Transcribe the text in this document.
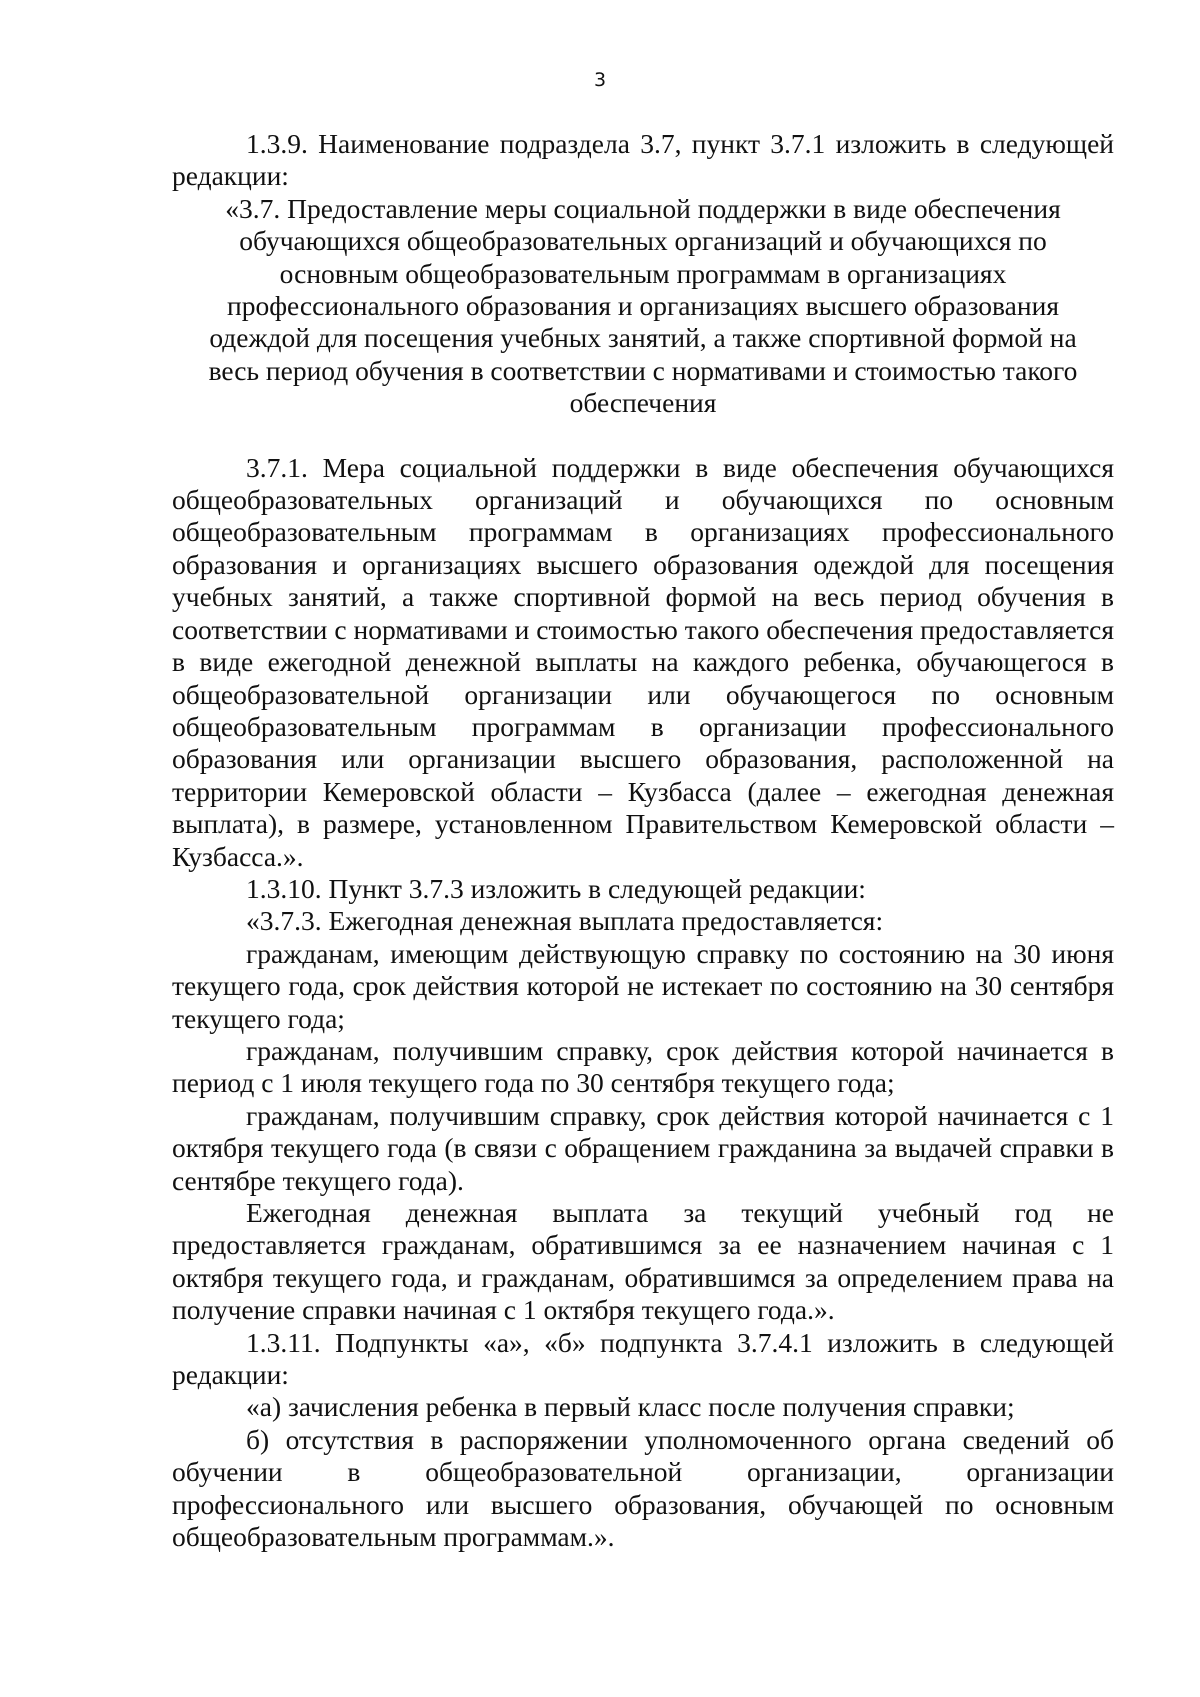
3

1.3.9. Наименование подраздела 3.7, пункт 3.7.1 изложить в следующей редакции:

«3.7. Предоставление меры социальной поддержки в виде обеспечения обучающихся общеобразовательных организаций и обучающихся по основным общеобразовательным программам в организациях профессионального образования и организациях высшего образования одеждой для посещения учебных занятий, а также спортивной формой на весь период обучения в соответствии с нормативами и стоимостью такого обеспечения

3.7.1. Мера социальной поддержки в виде обеспечения обучающихся общеобразовательных организаций и обучающихся по основным общеобразовательным программам в организациях профессионального образования и организациях высшего образования одеждой для посещения учебных занятий, а также спортивной формой на весь период обучения в соответствии с нормативами и стоимостью такого обеспечения предоставляется в виде ежегодной денежной выплаты на каждого ребенка, обучающегося в общеобразовательной организации или обучающегося по основным общеобразовательным программам в организации профессионального образования или организации высшего образования, расположенной на территории Кемеровской области – Кузбасса (далее – ежегодная денежная выплата), в размере, установленном Правительством Кемеровской области – Кузбасса.».

1.3.10. Пункт 3.7.3 изложить в следующей редакции:

«3.7.3. Ежегодная денежная выплата предоставляется:

гражданам, имеющим действующую справку по состоянию на 30 июня текущего года, срок действия которой не истекает по состоянию на 30 сентября текущего года;

гражданам, получившим справку, срок действия которой начинается в период с 1 июля текущего года по 30 сентября текущего года;

гражданам, получившим справку, срок действия которой начинается с 1 октября текущего года (в связи с обращением гражданина за выдачей справки в сентябре текущего года).

Ежегодная денежная выплата за текущий учебный год не предоставляется гражданам, обратившимся за ее назначением начиная с 1 октября текущего года, и гражданам, обратившимся за определением права на получение справки начиная с 1 октября текущего года.».

1.3.11. Подпункты «а», «б» подпункта 3.7.4.1 изложить в следующей редакции:

«а) зачисления ребенка в первый класс после получения справки;

б) отсутствия в распоряжении уполномоченного органа сведений об обучении в общеобразовательной организации, организации профессионального или высшего образования, обучающей по основным общеобразовательным программам.».
